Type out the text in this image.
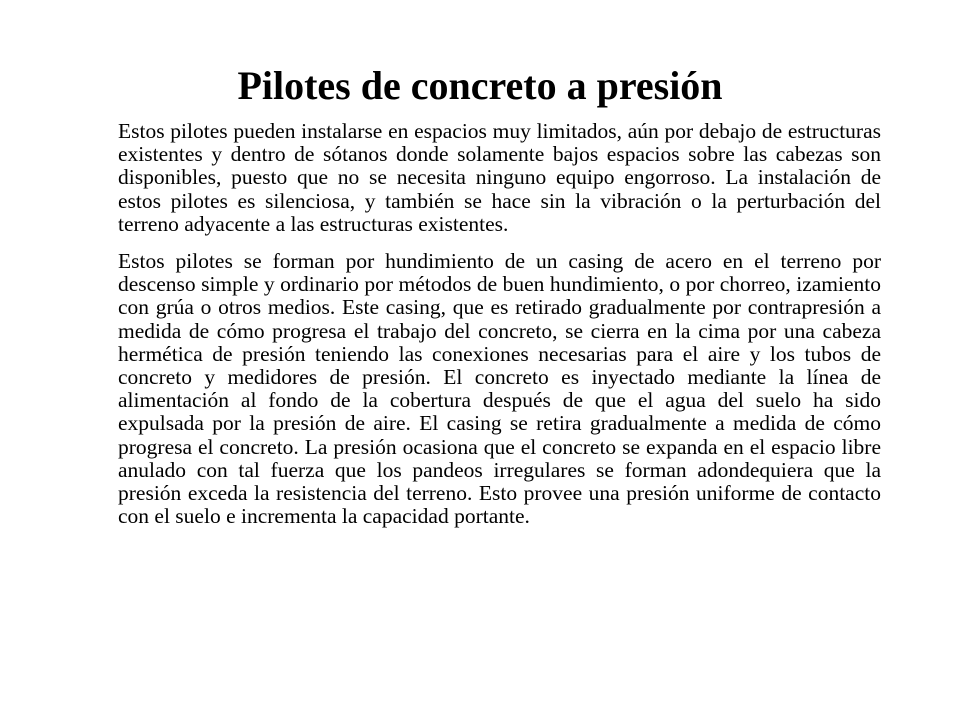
Pilotes de concreto a presión

Estos pilotes pueden instalarse en espacios muy limitados, aún por debajo de estructuras existentes y dentro de sótanos donde solamente bajos espacios sobre las cabezas son disponibles, puesto que no se necesita ninguno equipo engorroso. La instalación de estos pilotes es silenciosa, y también se hace sin la vibración o la perturbación del terreno adyacente a las estructuras existentes.

Estos pilotes se forman por hundimiento de un casing de acero en el terreno por descenso simple y ordinario por métodos de buen hundimiento, o por chorreo, izamiento con grúa o otros medios. Este casing, que es retirado gradualmente por contrapresión a medida de cómo progresa el trabajo del concreto, se cierra en la cima por una cabeza hermética de presión teniendo las conexiones necesarias para el aire y los tubos de concreto y medidores de presión. El concreto es inyectado mediante la línea de alimentación al fondo de la cobertura después de que el agua del suelo ha sido expulsada por la presión de aire. El casing se retira gradualmente a medida de cómo progresa el concreto. La presión ocasiona que el concreto se expanda en el espacio libre anulado con tal fuerza que los pandeos irregulares se forman adondequiera que la presión exceda la resistencia del terreno. Esto provee una presión uniforme de contacto con el suelo e incrementa la capacidad portante.
